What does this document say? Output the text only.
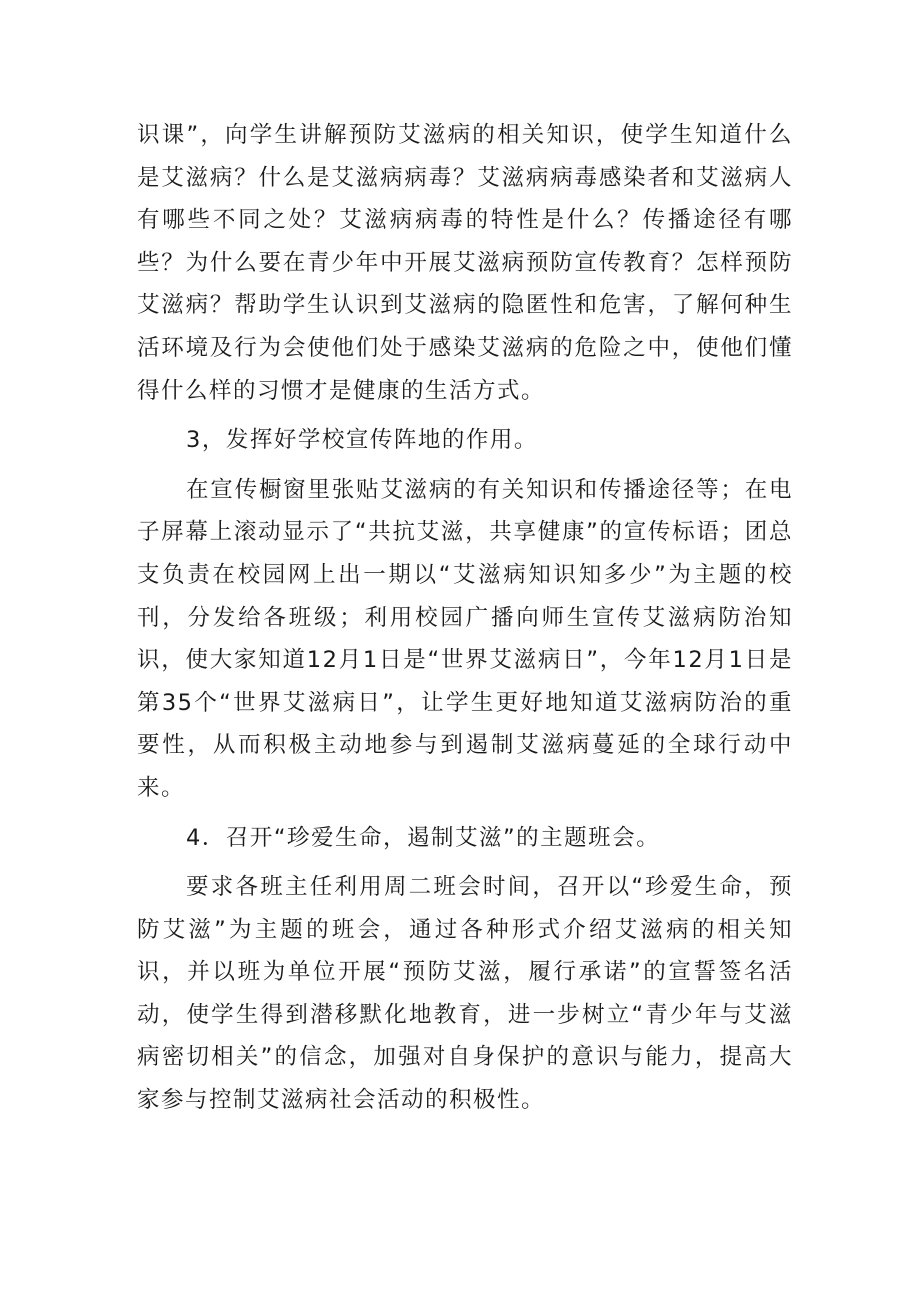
识课”，向学生讲解预防艾滋病的相关知识，使学生知道什么是艾滋病？什么是艾滋病病毒？艾滋病病毒感染者和艾滋病人有哪些不同之处？艾滋病病毒的特性是什么？传播途径有哪些？为什么要在青少年中开展艾滋病预防宣传教育？怎样预防艾滋病？帮助学生认识到艾滋病的隐匿性和危害，了解何种生活环境及行为会使他们处于感染艾滋病的危险之中，使他们懂得什么样的习惯才是健康的生活方式。

3，发挥好学校宣传阵地的作用。

在宣传橱窗里张贴艾滋病的有关知识和传播途径等；在电子屏幕上滚动显示了“共抗艾滋，共享健康”的宣传标语；团总支负责在校园网上出一期以“艾滋病知识知多少”为主题的校刊，分发给各班级；利用校园广播向师生宣传艾滋病防治知识，使大家知道12月1日是“世界艾滋病日”，今年12月1日是第35个“世界艾滋病日”，让学生更好地知道艾滋病防治的重要性，从而积极主动地参与到遏制艾滋病蔓延的全球行动中来。

4．召开“珍爱生命，遏制艾滋”的主题班会。

要求各班主任利用周二班会时间，召开以“珍爱生命，预防艾滋”为主题的班会，通过各种形式介绍艾滋病的相关知识，并以班为单位开展“预防艾滋，履行承诺”的宣誓签名活动，使学生得到潜移默化地教育，进一步树立“青少年与艾滋病密切相关”的信念，加强对自身保护的意识与能力，提高大家参与控制艾滋病社会活动的积极性。
